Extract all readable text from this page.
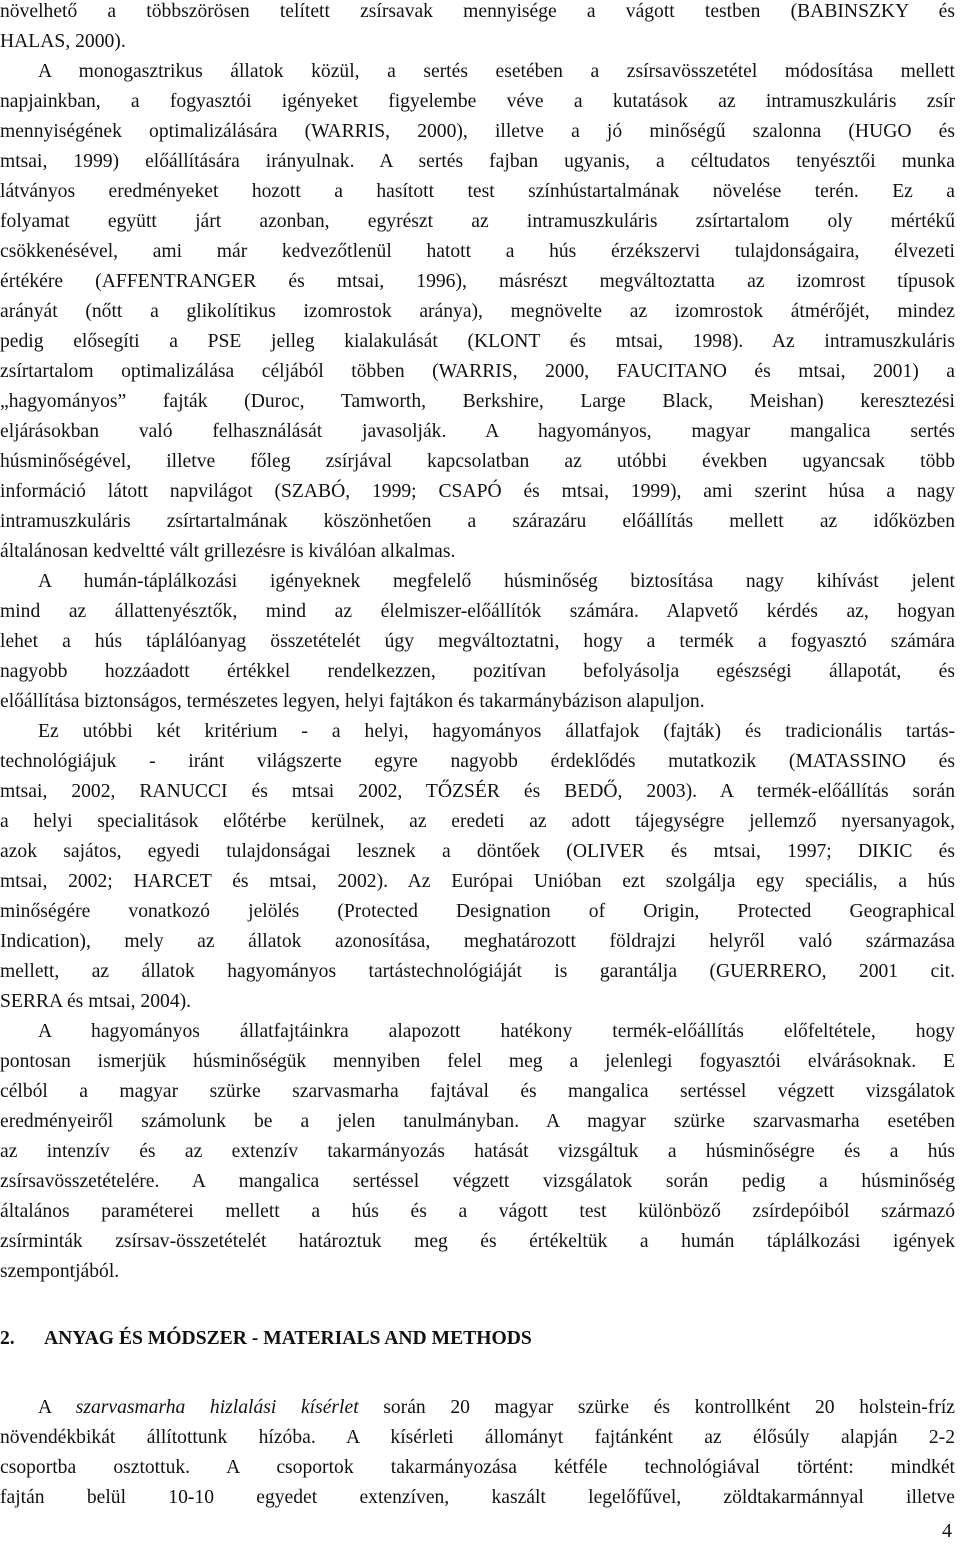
növelhető a többszörösen telített zsírsavak mennyisége a vágott testben (BABINSZKY és
HALAS, 2000).
A monogasztrikus állatok közül, a sertés esetében a zsírsavösszetétel módosítása mellett
napjainkban, a fogyasztói igényeket figyelembe véve a kutatások az intramuszkuláris zsír
mennyiségének optimalizálására (WARRIS, 2000), illetve a jó minőségű szalonna (HUGO és
mtsai, 1999) előállítására irányulnak. A sertés fajban ugyanis, a céltudatos tenyésztői munka
látványos eredményeket hozott a hasított test színhústartalmának növelése terén. Ez a
folyamat együtt járt azonban, egyrészt az intramuszkuláris zsírtartalom oly mértékű
csökkenésével, ami már kedvezőtlenül hatott a hús érzékszervi tulajdonságaira, élvezeti
értékére (AFFENTRANGER és mtsai, 1996), másrészt megváltoztatta az izomrost típusok
arányát (nőtt a glikolítikus izomrostok aránya), megnövelte az izomrostok átmérőjét, mindez
pedig elősegíti a PSE jelleg kialakulását (KLONT és mtsai, 1998). Az intramuszkuláris
zsírtartalom optimalizálása céljából többen (WARRIS, 2000, FAUCITANO és mtsai, 2001) a
„hagyományos” fajták (Duroc, Tamworth, Berkshire, Large Black, Meishan) keresztezési
eljárásokban való felhasználását javasolják. A hagyományos, magyar mangalica sertés
húsminőségével, illetve főleg zsírjával kapcsolatban az utóbbi években ugyancsak több
információ látott napvilágot (SZABÓ, 1999; CSAPÓ és mtsai, 1999), ami szerint húsa a nagy
intramuszkuláris zsírtartalmának köszönhetően a szárazáru előállítás mellett az időközben
általánosan kedveltté vált grillezésre is kiválóan alkalmas.
A humán-táplálkozási igényeknek megfelelő húsminőség biztosítása nagy kihívást jelent
mind az állattenyésztők, mind az élelmiszer-előállítók számára. Alapvető kérdés az, hogyan
lehet a hús táplálóanyag összetételét úgy megváltoztatni, hogy a termék a fogyasztó számára
nagyobb hozzáadott értékkel rendelkezzen, pozitívan befolyásolja egészségi állapotát, és
előállítása biztonságos, természetes legyen, helyi fajtákon és takarmánybázison alapuljon.
Ez utóbbi két kritérium - a helyi, hagyományos állatfajok (fajták) és tradicionális tartás-
technológiájuk - iránt világszerte egyre nagyobb érdeklődés mutatkozik (MATASSINO és
mtsai, 2002, RANUCCI és mtsai 2002, TŐZSÉR és BEDŐ, 2003). A termék-előállítás során
a helyi specialitások előtérbe kerülnek, az eredeti az adott tájegységre jellemző nyersanyagok,
azok sajátos, egyedi tulajdonságai lesznek a döntőek (OLIVER és mtsai, 1997; DIKIC és
mtsai, 2002; HARCET és mtsai, 2002). Az Európai Unióban ezt szolgálja egy speciális, a hús
minőségére vonatkozó jelölés (Protected Designation of Origin, Protected Geographical
Indication), mely az állatok azonosítása, meghatározott földrajzi helyről való származása
mellett, az állatok hagyományos tartástechnológiáját is garantálja (GUERRERO, 2001 cit.
SERRA és mtsai, 2004).
A hagyományos állatfajtáinkra alapozott hatékony termék-előállítás előfeltétele, hogy
pontosan ismerjük húsminőségük mennyiben felel meg a jelenlegi fogyasztói elvárásoknak. E
célból a magyar szürke szarvasmarha fajtával és mangalica sertéssel végzett vizsgálatok
eredményeiről számolunk be a jelen tanulmányban. A magyar szürke szarvasmarha esetében
az intenzív és az extenzív takarmányozás hatását vizsgáltuk a húsminőségre és a hús
zsírsavösszetételére. A mangalica sertéssel végzett vizsgálatok során pedig a húsminőség
általános paraméterei mellett a hús és a vágott test különböző zsírdepóiból származó
zsírminták zsírsav-összetételét határoztuk meg és értékeltük a humán táplálkozási igények
szempontjából.
2. ANYAG ÉS MÓDSZER - MATERIALS AND METHODS
A szarvasmarha hizlalási kísérlet során 20 magyar szürke és kontrollként 20 holstein-fríz
növendékbikát állítottunk hízóba. A kísérleti állományt fajtánként az élősúly alapján 2-2
csoportba osztottuk. A csoportok takarmányozása kétféle technológiával történt: mindkét
fajtán belül 10-10 egyedet extenzíven, kaszált legelőfűvel, zöldtakarmánnyal illetve
4
